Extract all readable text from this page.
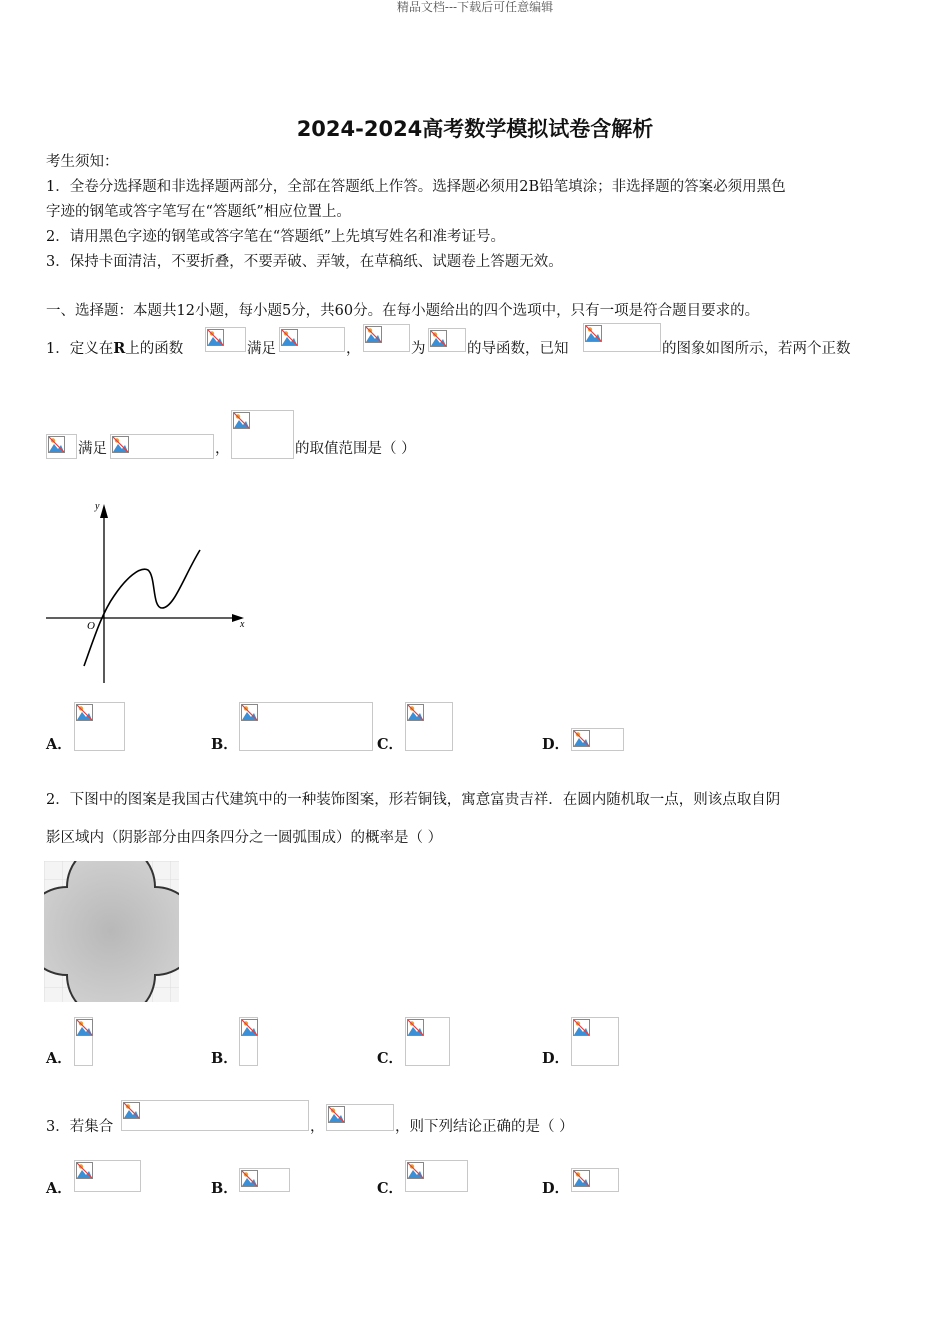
精品文档---下载后可任意编辑
2024-2024高考数学模拟试卷含解析
考生须知：
1．全卷分选择题和非选择题两部分，全部在答题纸上作答。选择题必须用2B铅笔填涂；非选择题的答案必须用黑色
字迹的钢笔或答字笔写在“答题纸”相应位置上。
2．请用黑色字迹的钢笔或答字笔在“答题纸”上先填写姓名和准考证号。
3．保持卡面清洁，不要折叠，不要弄破、弄皱，在草稿纸、试题卷上答题无效。
一、选择题：本题共12小题，每小题5分，共60分。在每小题给出的四个选项中，只有一项是符合题目要求的。
1．定义在R上的函数	满足	，	为	的导函数，已知	的图象如图所示，若两个正数
满足	，	的取值范围是（ ）
y
x
O
A．	B．	C．	D．
2．下图中的图案是我国古代建筑中的一种装饰图案，形若铜钱，寓意富贵吉祥．在圆内随机取一点，则该点取自阴
影区域内（阴影部分由四条四分之一圆弧围成）的概率是（ ）
A．	B．	C．	D．
3．若集合	，	，则下列结论正确的是（ ）
A．	B．	C．	D．
